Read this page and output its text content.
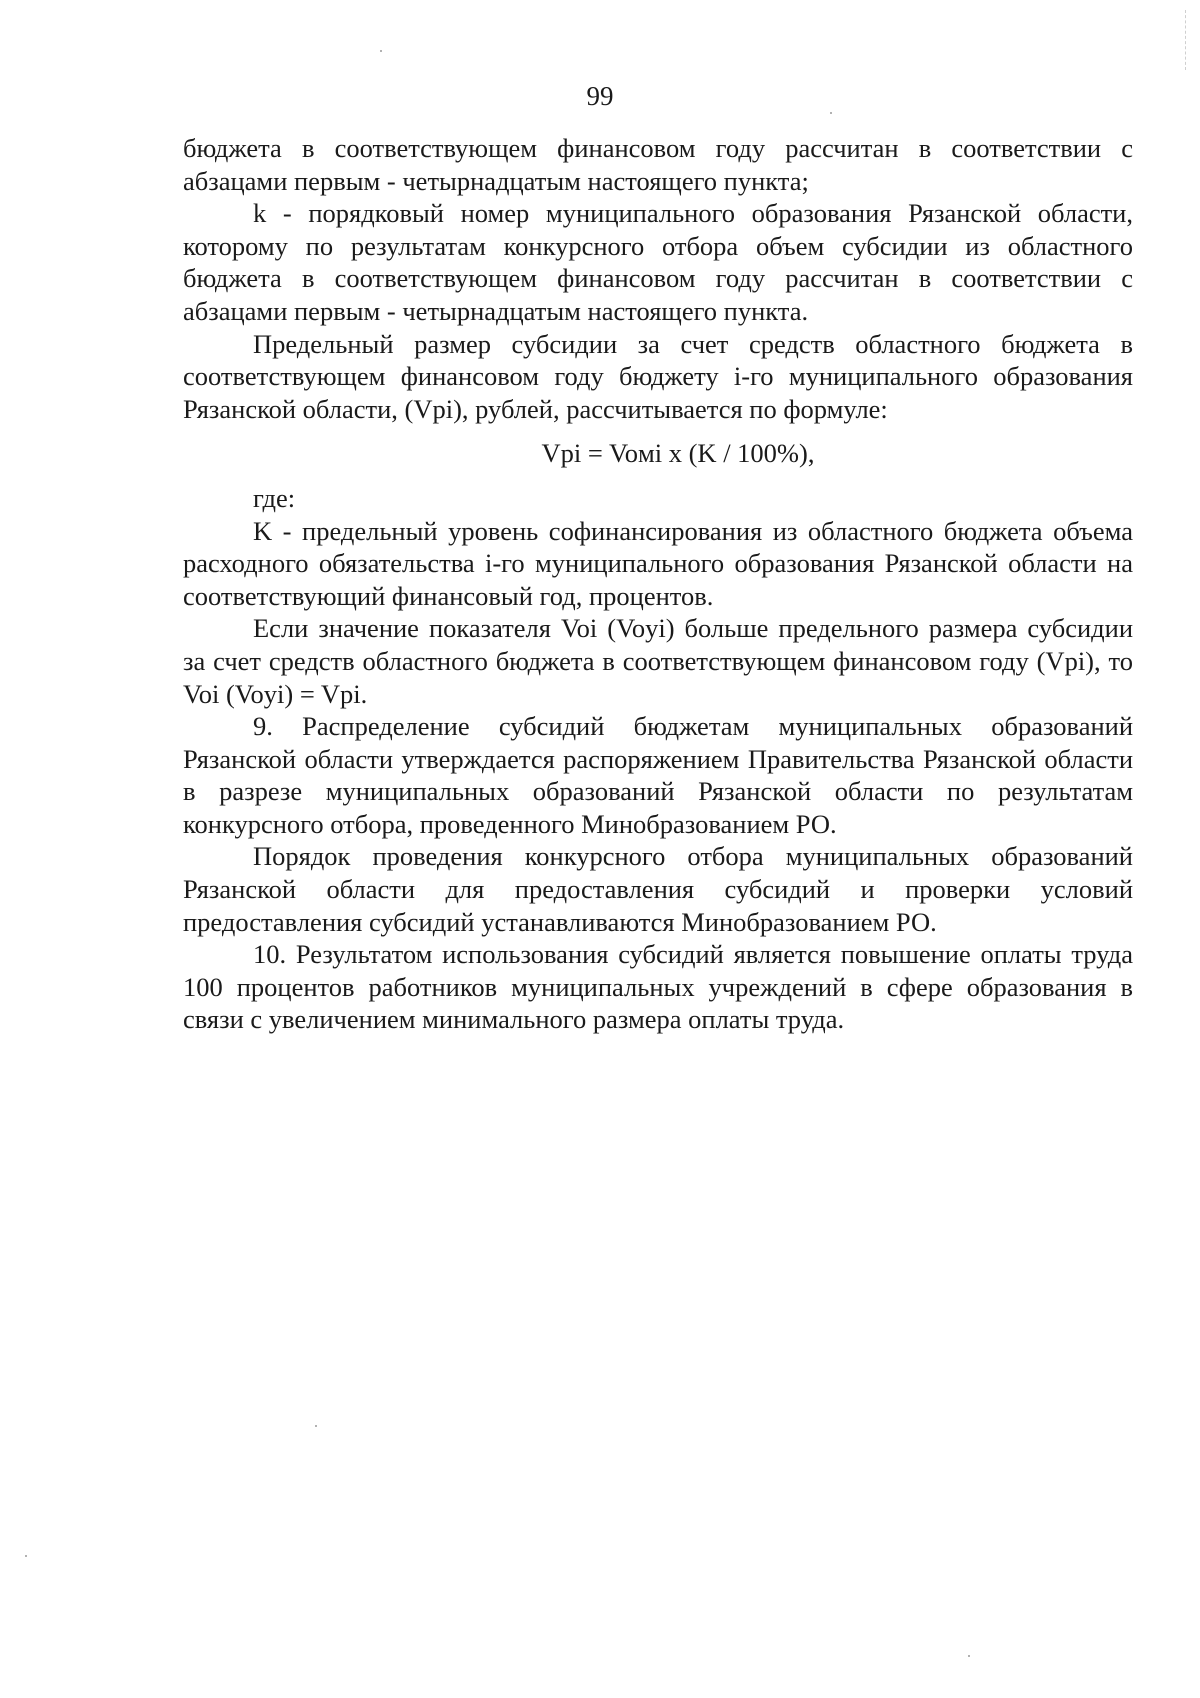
99

бюджета в соответствующем финансовом году рассчитан в соответствии с абзацами первым - четырнадцатым настоящего пункта;

k - порядковый номер муниципального образования Рязанской области, которому по результатам конкурсного отбора объем субсидии из областного бюджета в соответствующем финансовом году рассчитан в соответствии с абзацами первым - четырнадцатым настоящего пункта.

Предельный размер субсидии за счет средств областного бюджета в соответствующем финансовом году бюджету i-го муниципального образования Рязанской области, (Vpi), рублей, рассчитывается по формуле:

Vpi = Voмi x (K / 100%),

где:

K - предельный уровень софинансирования из областного бюджета объема расходного обязательства i-го муниципального образования Рязанской области на соответствующий финансовый год, процентов.

Если значение показателя Voi (Voyi) больше предельного размера субсидии за счет средств областного бюджета в соответствующем финансовом году (Vpi), то Voi (Voyi) = Vpi.

9. Распределение субсидий бюджетам муниципальных образований Рязанской области утверждается распоряжением Правительства Рязанской области в разрезе муниципальных образований Рязанской области по результатам конкурсного отбора, проведенного Минобразованием РО.

Порядок проведения конкурсного отбора муниципальных образований Рязанской области для предоставления субсидий и проверки условий предоставления субсидий устанавливаются Минобразованием РО.

10. Результатом использования субсидий является повышение оплаты труда 100 процентов работников муниципальных учреждений в сфере образования в связи с увеличением минимального размера оплаты труда.
